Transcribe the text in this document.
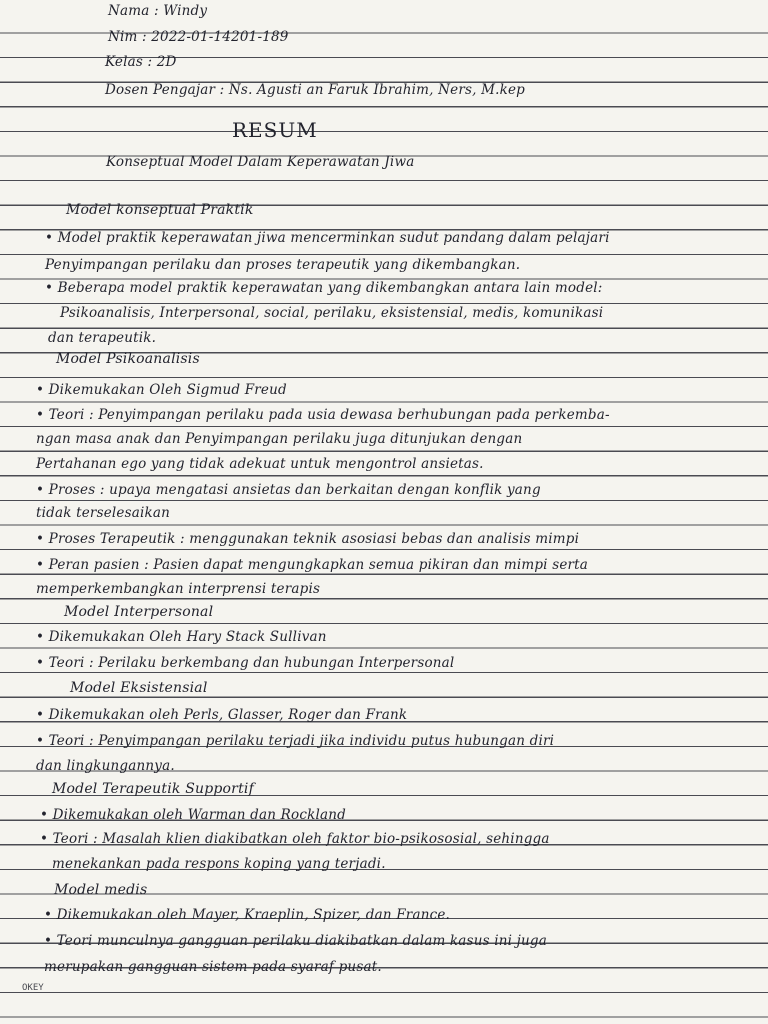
Nama : Windy
Nim : 2022-01-14201-189
Kelas : 2D
Dosen Pengajar : Ns. Agusti an Faruk Ibrahim, Ners, M.kep
RESUM
Konseptual Model Dalam Keperawatan Jiwa
Model konseptual Praktik
• Model praktik keperawatan jiwa mencerminkan sudut pandang dalam pelajari
Penyimpangan perilaku dan proses terapeutik yang dikembangkan.
• Beberapa model praktik keperawatan yang dikembangkan antara lain model:
Psikoanalisis, Interpersonal, social, perilaku, eksistensial, medis, komunikasi
dan terapeutik.
Model Psikoanalisis
• Dikemukakan Oleh Sigmud Freud
• Teori : Penyimpangan perilaku pada usia dewasa berhubungan pada perkemba-
ngan masa anak dan Penyimpangan perilaku juga ditunjukan dengan
Pertahanan ego yang tidak adekuat untuk mengontrol ansietas.
• Proses : upaya mengatasi ansietas dan berkaitan dengan konflik yang
tidak terselesaikan
• Proses Terapeutik : menggunakan teknik asosiasi bebas dan analisis mimpi
• Peran pasien : Pasien dapat mengungkapkan semua pikiran dan mimpi serta
memperkembangkan interprensi terapis
Model Interpersonal
• Dikemukakan Oleh Hary Stack Sullivan
• Teori : Perilaku berkembang dan hubungan Interpersonal
Model Eksistensial
• Dikemukakan oleh Perls, Glasser, Roger dan Frank
• Teori : Penyimpangan perilaku terjadi jika individu putus hubungan diri
dan lingkungannya.
Model Terapeutik Supportif
• Dikemukakan oleh Warman dan Rockland
• Teori : Masalah klien diakibatkan oleh faktor bio-psikososial, sehingga
menekankan pada respons koping yang terjadi.
Model medis
• Dikemukakan oleh Mayer, Kraeplin, Spizer, dan France.
• Teori munculnya gangguan perilaku diakibatkan dalam kasus ini juga
merupakan gangguan sistem pada syaraf pusat.
OKEY
